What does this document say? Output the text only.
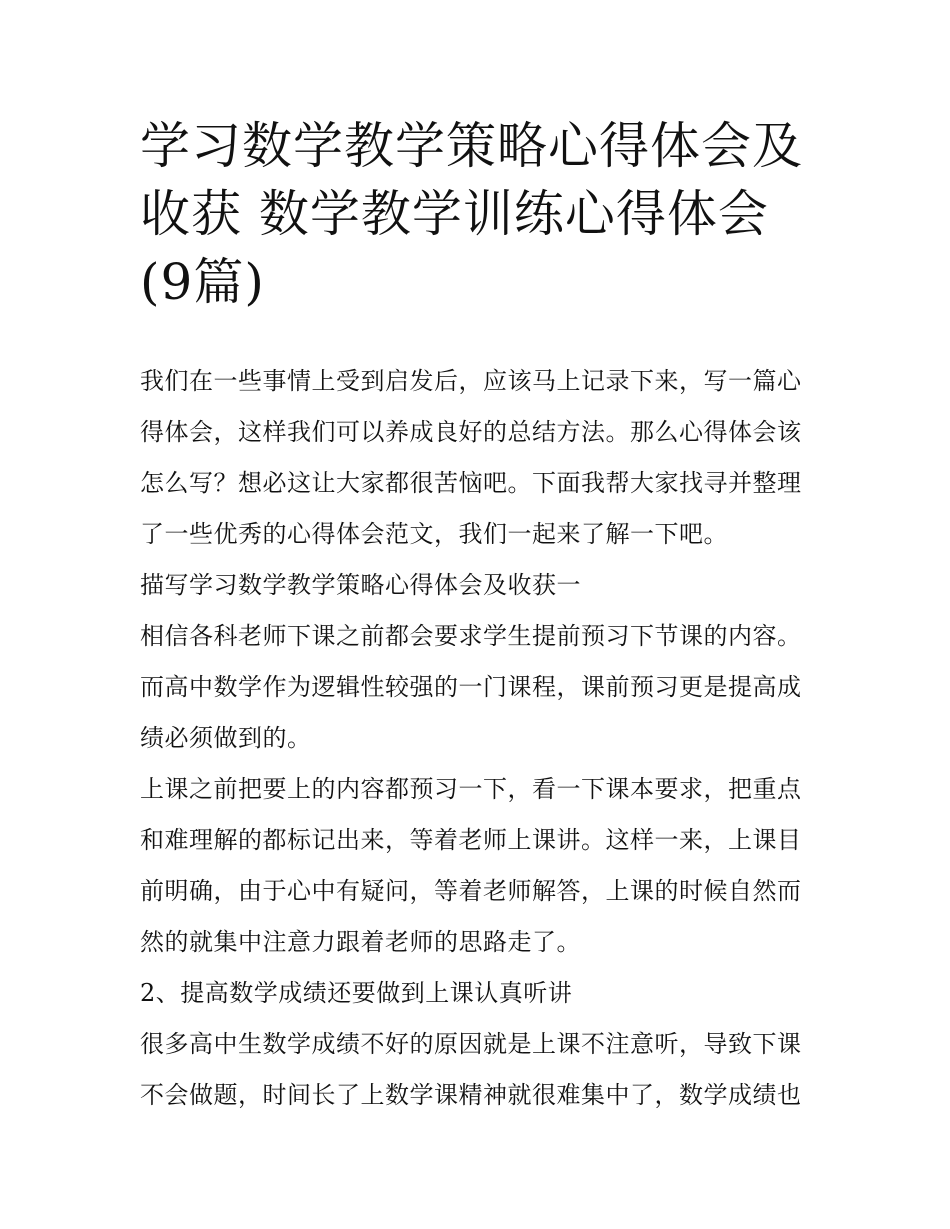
学习数学教学策略心得体会及收获 数学教学训练心得体会(9篇)

我们在一些事情上受到启发后，应该马上记录下来，写一篇心得体会，这样我们可以养成良好的总结方法。那么心得体会该怎么写？想必这让大家都很苦恼吧。下面我帮大家找寻并整理了一些优秀的心得体会范文，我们一起来了解一下吧。

描写学习数学教学策略心得体会及收获一

相信各科老师下课之前都会要求学生提前预习下节课的内容。而高中数学作为逻辑性较强的一门课程，课前预习更是提高成绩必须做到的。

上课之前把要上的内容都预习一下，看一下课本要求，把重点和难理解的都标记出来，等着老师上课讲。这样一来，上课目前明确，由于心中有疑问，等着老师解答，上课的时候自然而然的就集中注意力跟着老师的思路走了。

2、提高数学成绩还要做到上课认真听讲

很多高中生数学成绩不好的原因就是上课不注意听，导致下课不会做题，时间长了上数学课精神就很难集中了，数学成绩也
